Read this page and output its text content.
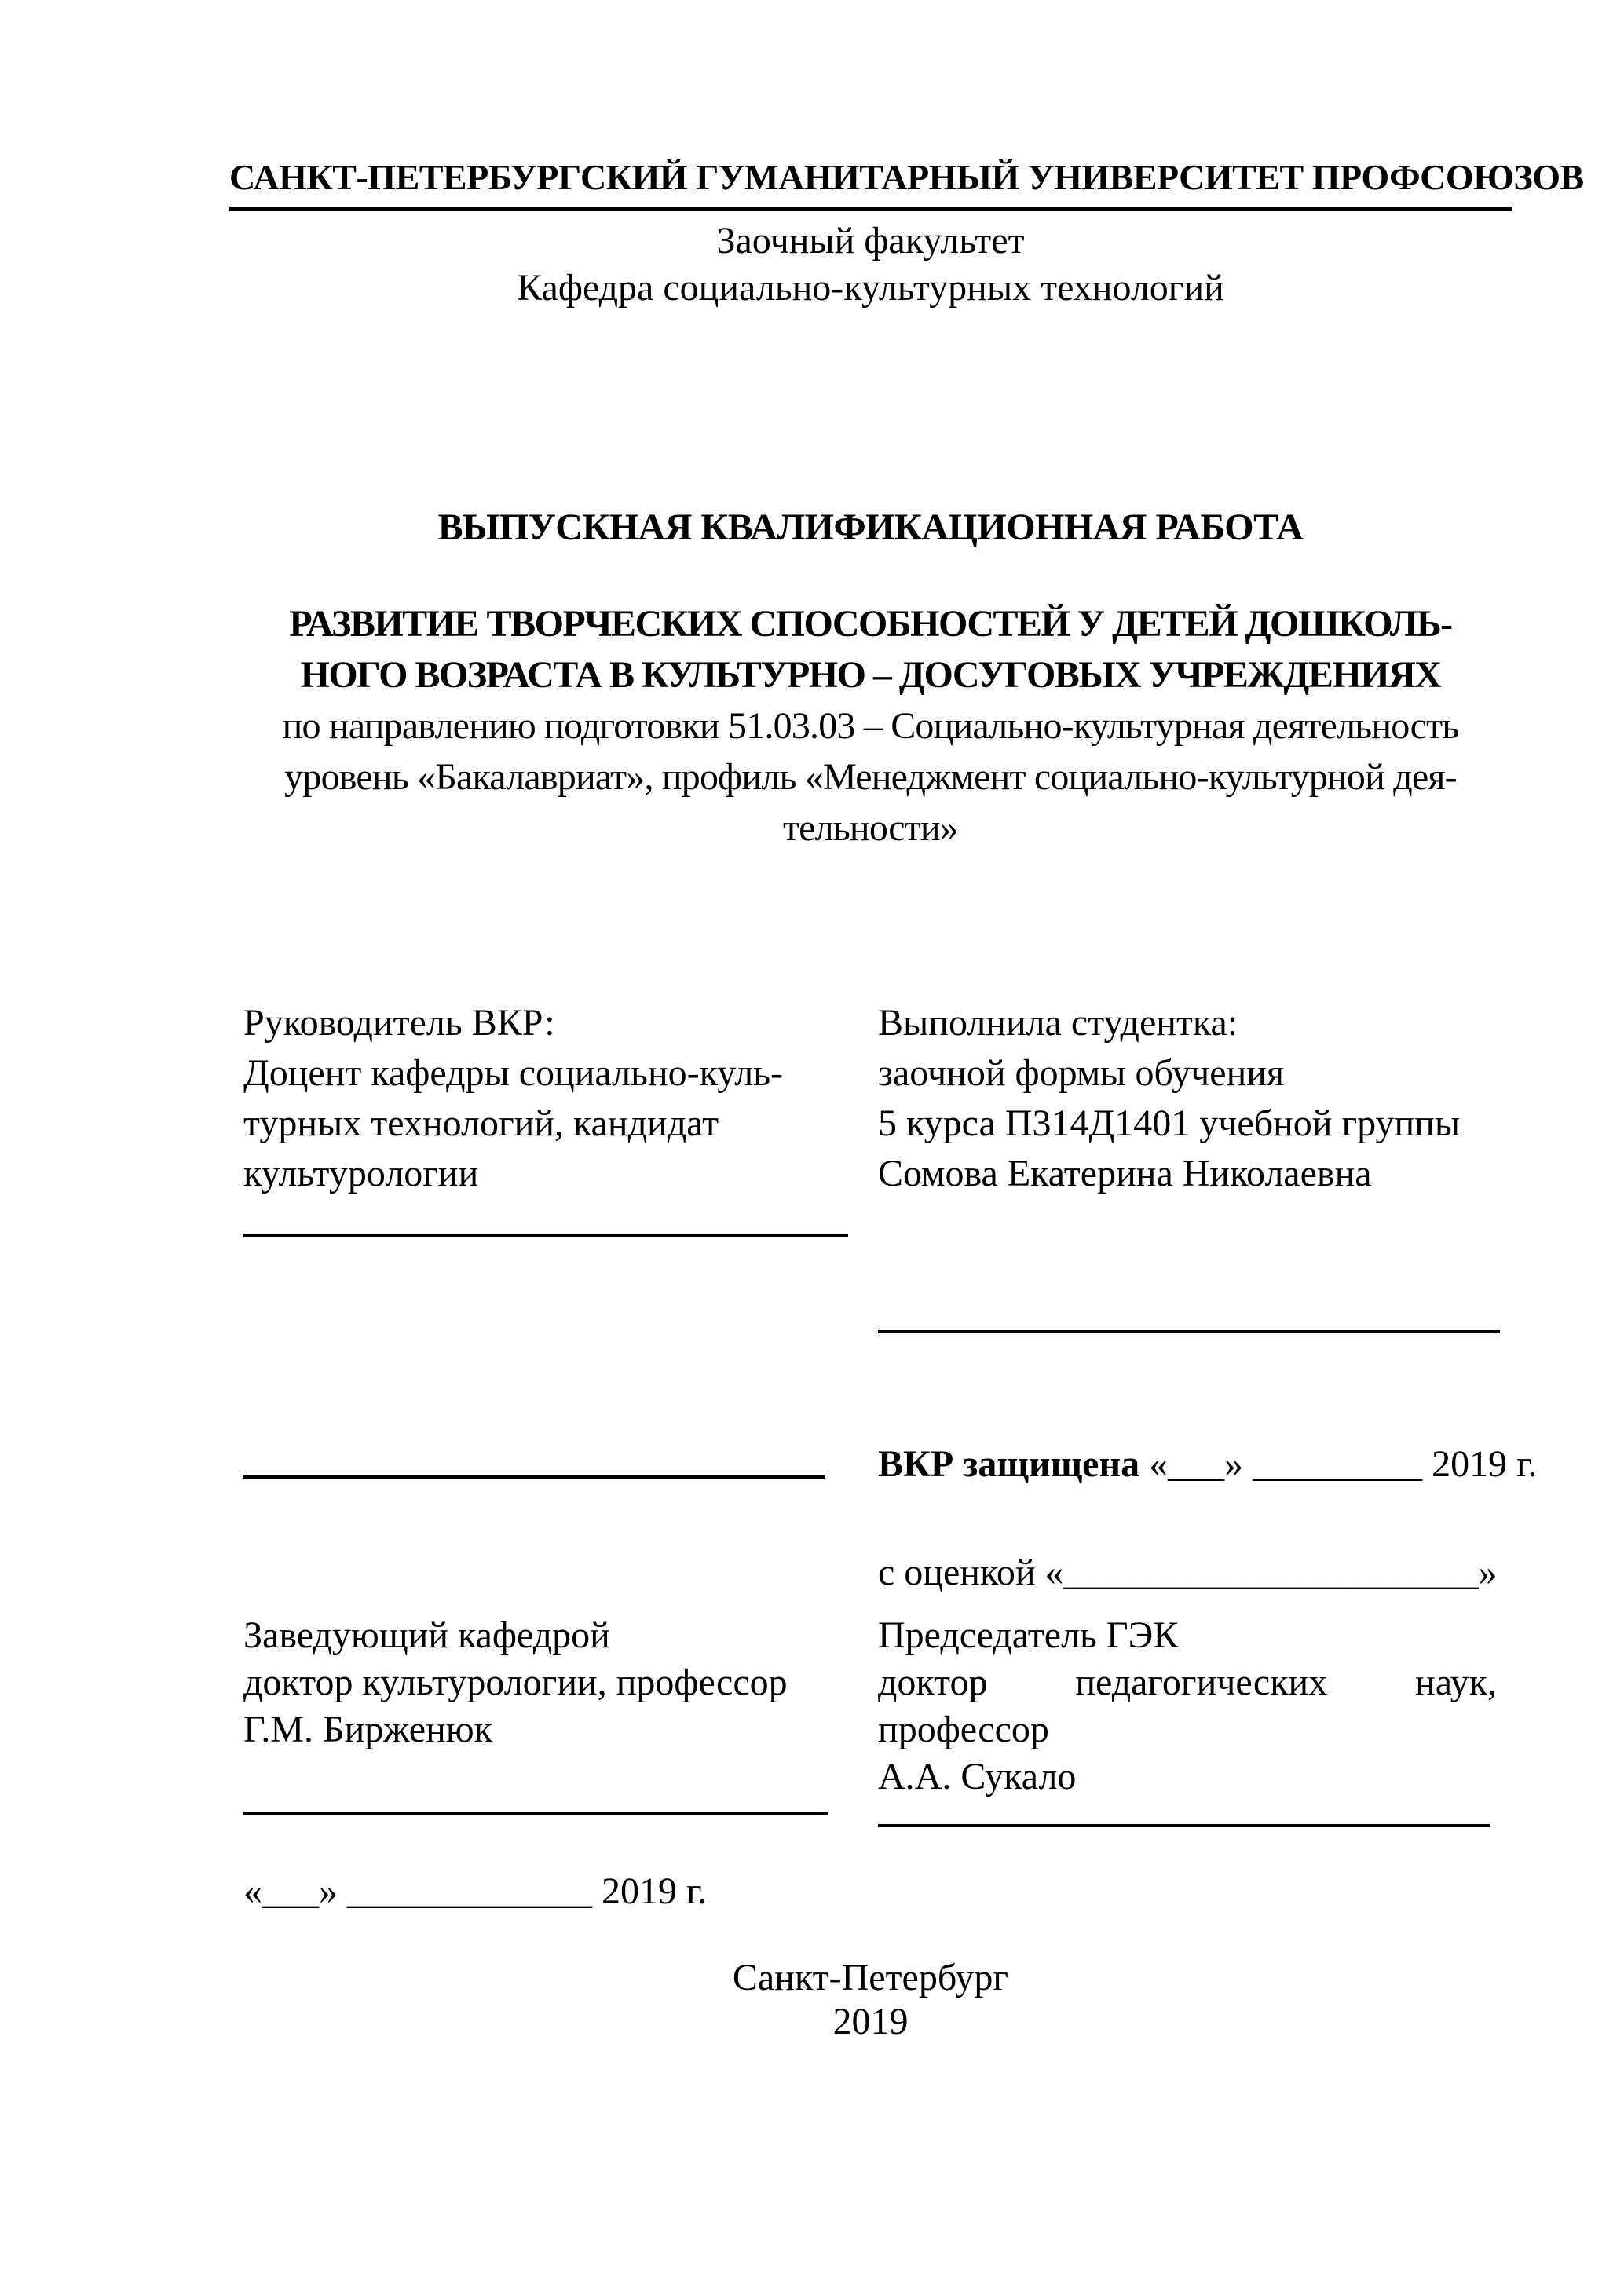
САНКТ-ПЕТЕРБУРГСКИЙ ГУМАНИТАРНЫЙ УНИВЕРСИТЕТ ПРОФСОЮЗОВ
Заочный факультет
Кафедра социально-культурных технологий
ВЫПУСКНАЯ КВАЛИФИКАЦИОННАЯ РАБОТА
РАЗВИТИЕ ТВОРЧЕСКИХ СПОСОБНОСТЕЙ У ДЕТЕЙ ДОШКОЛЬ-
НОГО ВОЗРАСТА В КУЛЬТУРНО – ДОСУГОВЫХ УЧРЕЖДЕНИЯХ
по направлению подготовки 51.03.03 – Социально-культурная деятельность
уровень «Бакалавриат», профиль «Менеджмент социально-культурной дея-
тельности»
Руководитель ВКР:
Доцент кафедры социально-куль-
турных технологий, кандидат
культурологии
Выполнила студентка:
заочной формы обучения
5 курса П314Д1401 учебной группы
Сомова Екатерина Николаевна
ВКР защищена «___» _________ 2019 г.
с оценкой «______________________»
Заведующий кафедрой
доктор культурологии, профессор
Г.М. Бирженюк
Председатель ГЭК
доктор педагогических наук,
профессор
А.А. Сукало
«___» _____________ 2019 г.
Санкт-Петербург
2019
